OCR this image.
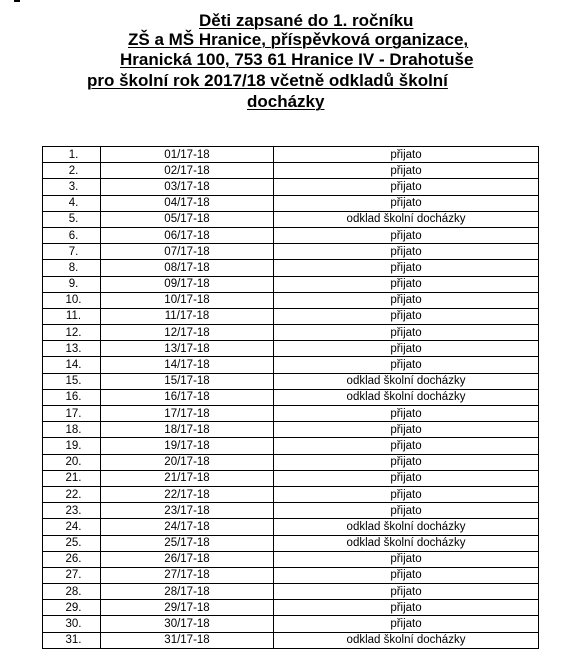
Děti zapsané do 1. ročníku
ZŠ a MŠ Hranice, příspěvková organizace,
Hranická 100, 753 61 Hranice IV - Drahotuše
pro školní rok 2017/18 včetně odkladů školní
docházky
1.	01/17-18	přijato
2.	02/17-18	přijato
3.	03/17-18	přijato
4.	04/17-18	přijato
5.	05/17-18	odklad školní docházky
6.	06/17-18	přijato
7.	07/17-18	přijato
8.	08/17-18	přijato
9.	09/17-18	přijato
10.	10/17-18	přijato
11.	11/17-18	přijato
12.	12/17-18	přijato
13.	13/17-18	přijato
14.	14/17-18	přijato
15.	15/17-18	odklad školní docházky
16.	16/17-18	odklad školní docházky
17.	17/17-18	přijato
18.	18/17-18	přijato
19.	19/17-18	přijato
20.	20/17-18	přijato
21.	21/17-18	přijato
22.	22/17-18	přijato
23.	23/17-18	přijato
24.	24/17-18	odklad školní docházky
25.	25/17-18	odklad školní docházky
26.	26/17-18	přijato
27.	27/17-18	přijato
28.	28/17-18	přijato
29.	29/17-18	přijato
30.	30/17-18	přijato
31.	31/17-18	odklad školní docházky
